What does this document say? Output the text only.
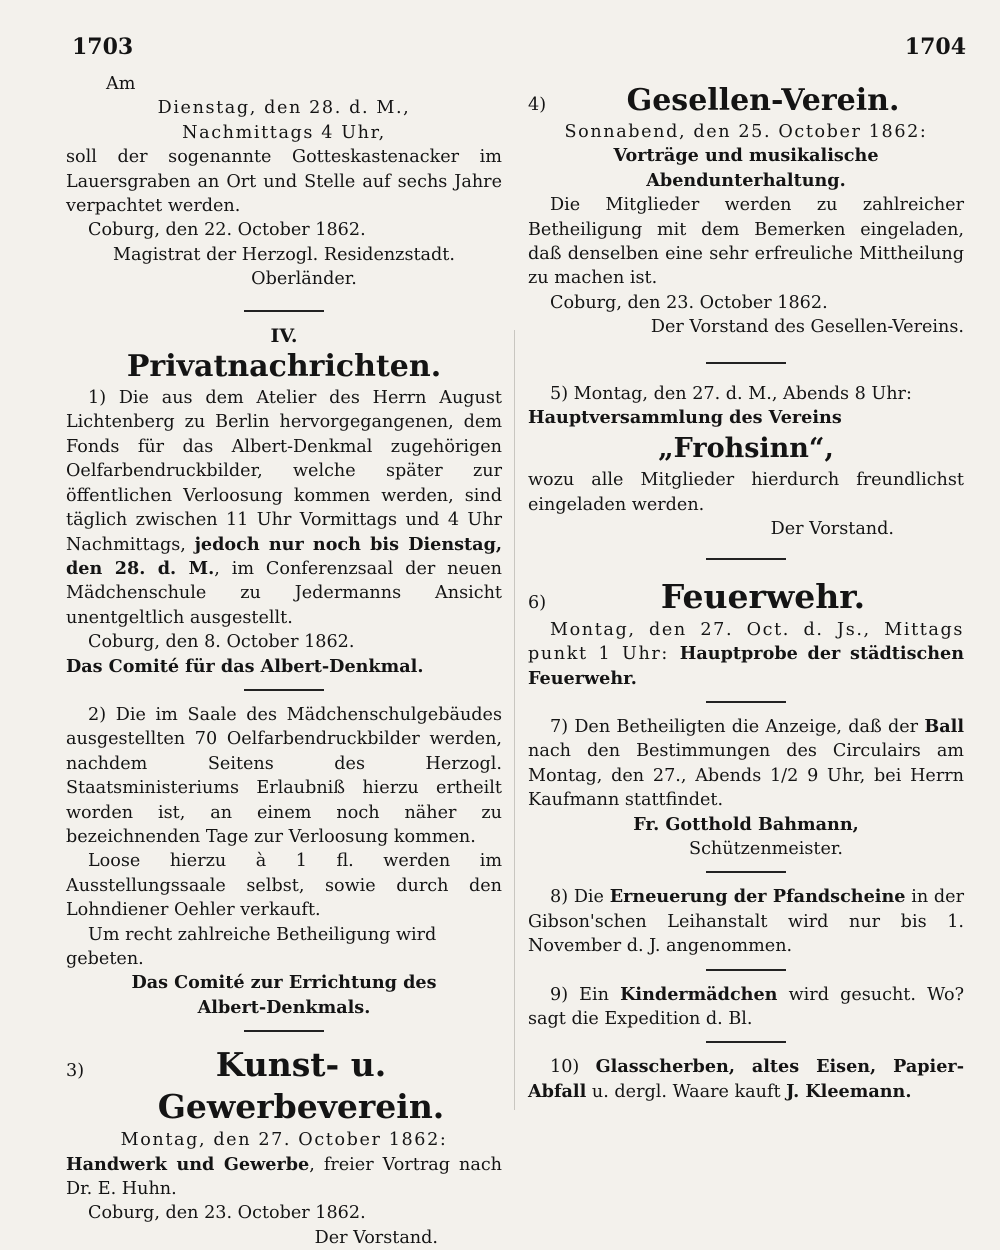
1703	1704
Am
Dienstag, den 28. d. M.,
Nachmittags 4 Uhr,
soll der sogenannte Gotteskastenacker im Lauersgraben an Ort und Stelle auf sechs Jahre verpachtet werden.
Coburg, den 22. October 1862.
Magistrat der Herzogl. Residenzstadt.
Oberländer.
IV.
Privatnachrichten.
1) Die aus dem Atelier des Herrn August Lichtenberg zu Berlin hervorgegangenen, dem Fonds für das Albert-Denkmal zugehörigen Oelfarbendruckbilder, welche später zur öffentlichen Verloosung kommen werden, sind täglich zwischen 11 Uhr Vormittags und 4 Uhr Nachmittags, jedoch nur noch bis Dienstag, den 28. d. M., im Conferenzsaal der neuen Mädchenschule zu Jedermanns Ansicht unentgeltlich ausgestellt.
Coburg, den 8. October 1862.
Das Comité für das Albert-Denkmal.
2) Die im Saale des Mädchenschulgebäudes ausgestellten 70 Oelfarbendruckbilder werden, nachdem Seitens des Herzogl. Staatsministeriums Erlaubniß hierzu ertheilt worden ist, an einem noch näher zu bezeichnenden Tage zur Verloosung kommen.
Loose hierzu à 1 fl. werden im Ausstellungssaale selbst, sowie durch den Lohndiener Oehler verkauft.
Um recht zahlreiche Betheiligung wird gebeten.
Das Comité zur Errichtung des
Albert-Denkmals.
3)	Kunst- u. Gewerbeverein.
Montag, den 27. October 1862:
Handwerk und Gewerbe, freier Vortrag nach Dr. E. Huhn.
Coburg, den 23. October 1862.
Der Vorstand.
4)	Gesellen-Verein.
Sonnabend, den 25. October 1862:
Vorträge und musikalische Abendunterhaltung.
Die Mitglieder werden zu zahlreicher Betheiligung mit dem Bemerken eingeladen, daß denselben eine sehr erfreuliche Mittheilung zu machen ist.
Coburg, den 23. October 1862.
Der Vorstand des Gesellen-Vereins.
5) Montag, den 27. d. M., Abends 8 Uhr:
Hauptversammlung des Vereins
„Frohsinn“,
wozu alle Mitglieder hierdurch freundlichst eingeladen werden.
Der Vorstand.
6)	Feuerwehr.
Montag, den 27. Oct. d. Js., Mittags punkt 1 Uhr: Hauptprobe der städtischen Feuerwehr.
7) Den Betheiligten die Anzeige, daß der Ball nach den Bestimmungen des Circulairs am Montag, den 27., Abends 1/2 9 Uhr, bei Herrn Kaufmann stattfindet.
Fr. Gotthold Bahmann,
Schützenmeister.
8) Die Erneuerung der Pfandscheine in der Gibson'schen Leihanstalt wird nur bis 1. November d. J. angenommen.
9) Ein Kindermädchen wird gesucht. Wo? sagt die Expedition d. Bl.
10) Glasscherben, altes Eisen, Papier-Abfall u. dergl. Waare kauft J. Kleemann.
